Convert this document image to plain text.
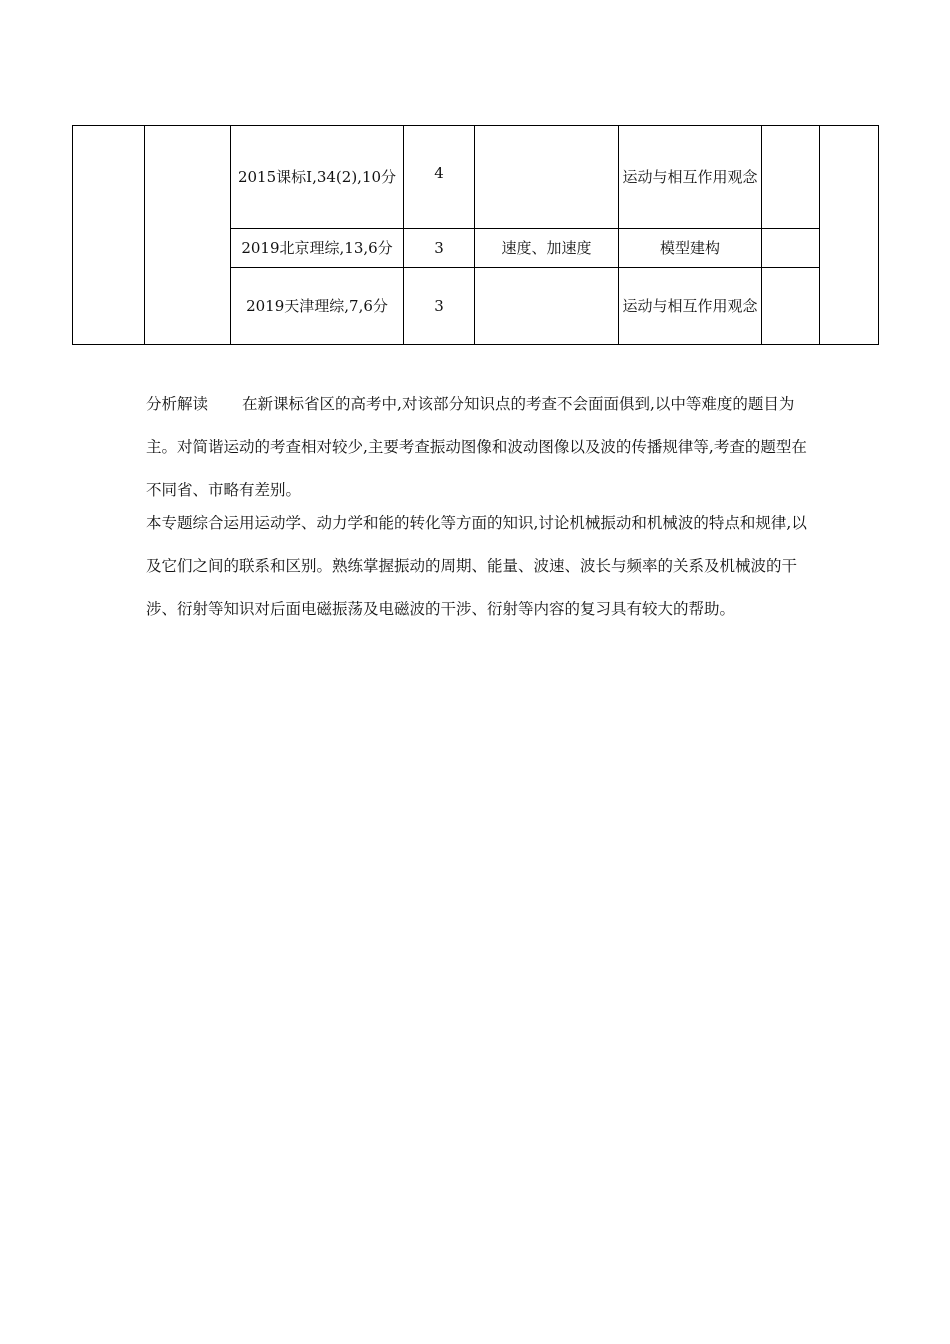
		2015课标Ⅰ,34(2),10分	4		运动与相互作用观念		
		2019北京理综,13,6分	3	速度、加速度	模型建构		
		2019天津理综,7,6分	3		运动与相互作用观念		
分析解读 在新课标省区的高考中,对该部分知识点的考查不会面面俱到,以中等难度的题目为主。对简谐运动的考查相对较少,主要考查振动图像和波动图像以及波的传播规律等,考查的题型在不同省、市略有差别。
本专题综合运用运动学、动力学和能的转化等方面的知识,讨论机械振动和机械波的特点和规律,以及它们之间的联系和区别。熟练掌握振动的周期、能量、波速、波长与频率的关系及机械波的干涉、衍射等知识对后面电磁振荡及电磁波的干涉、衍射等内容的复习具有较大的帮助。
